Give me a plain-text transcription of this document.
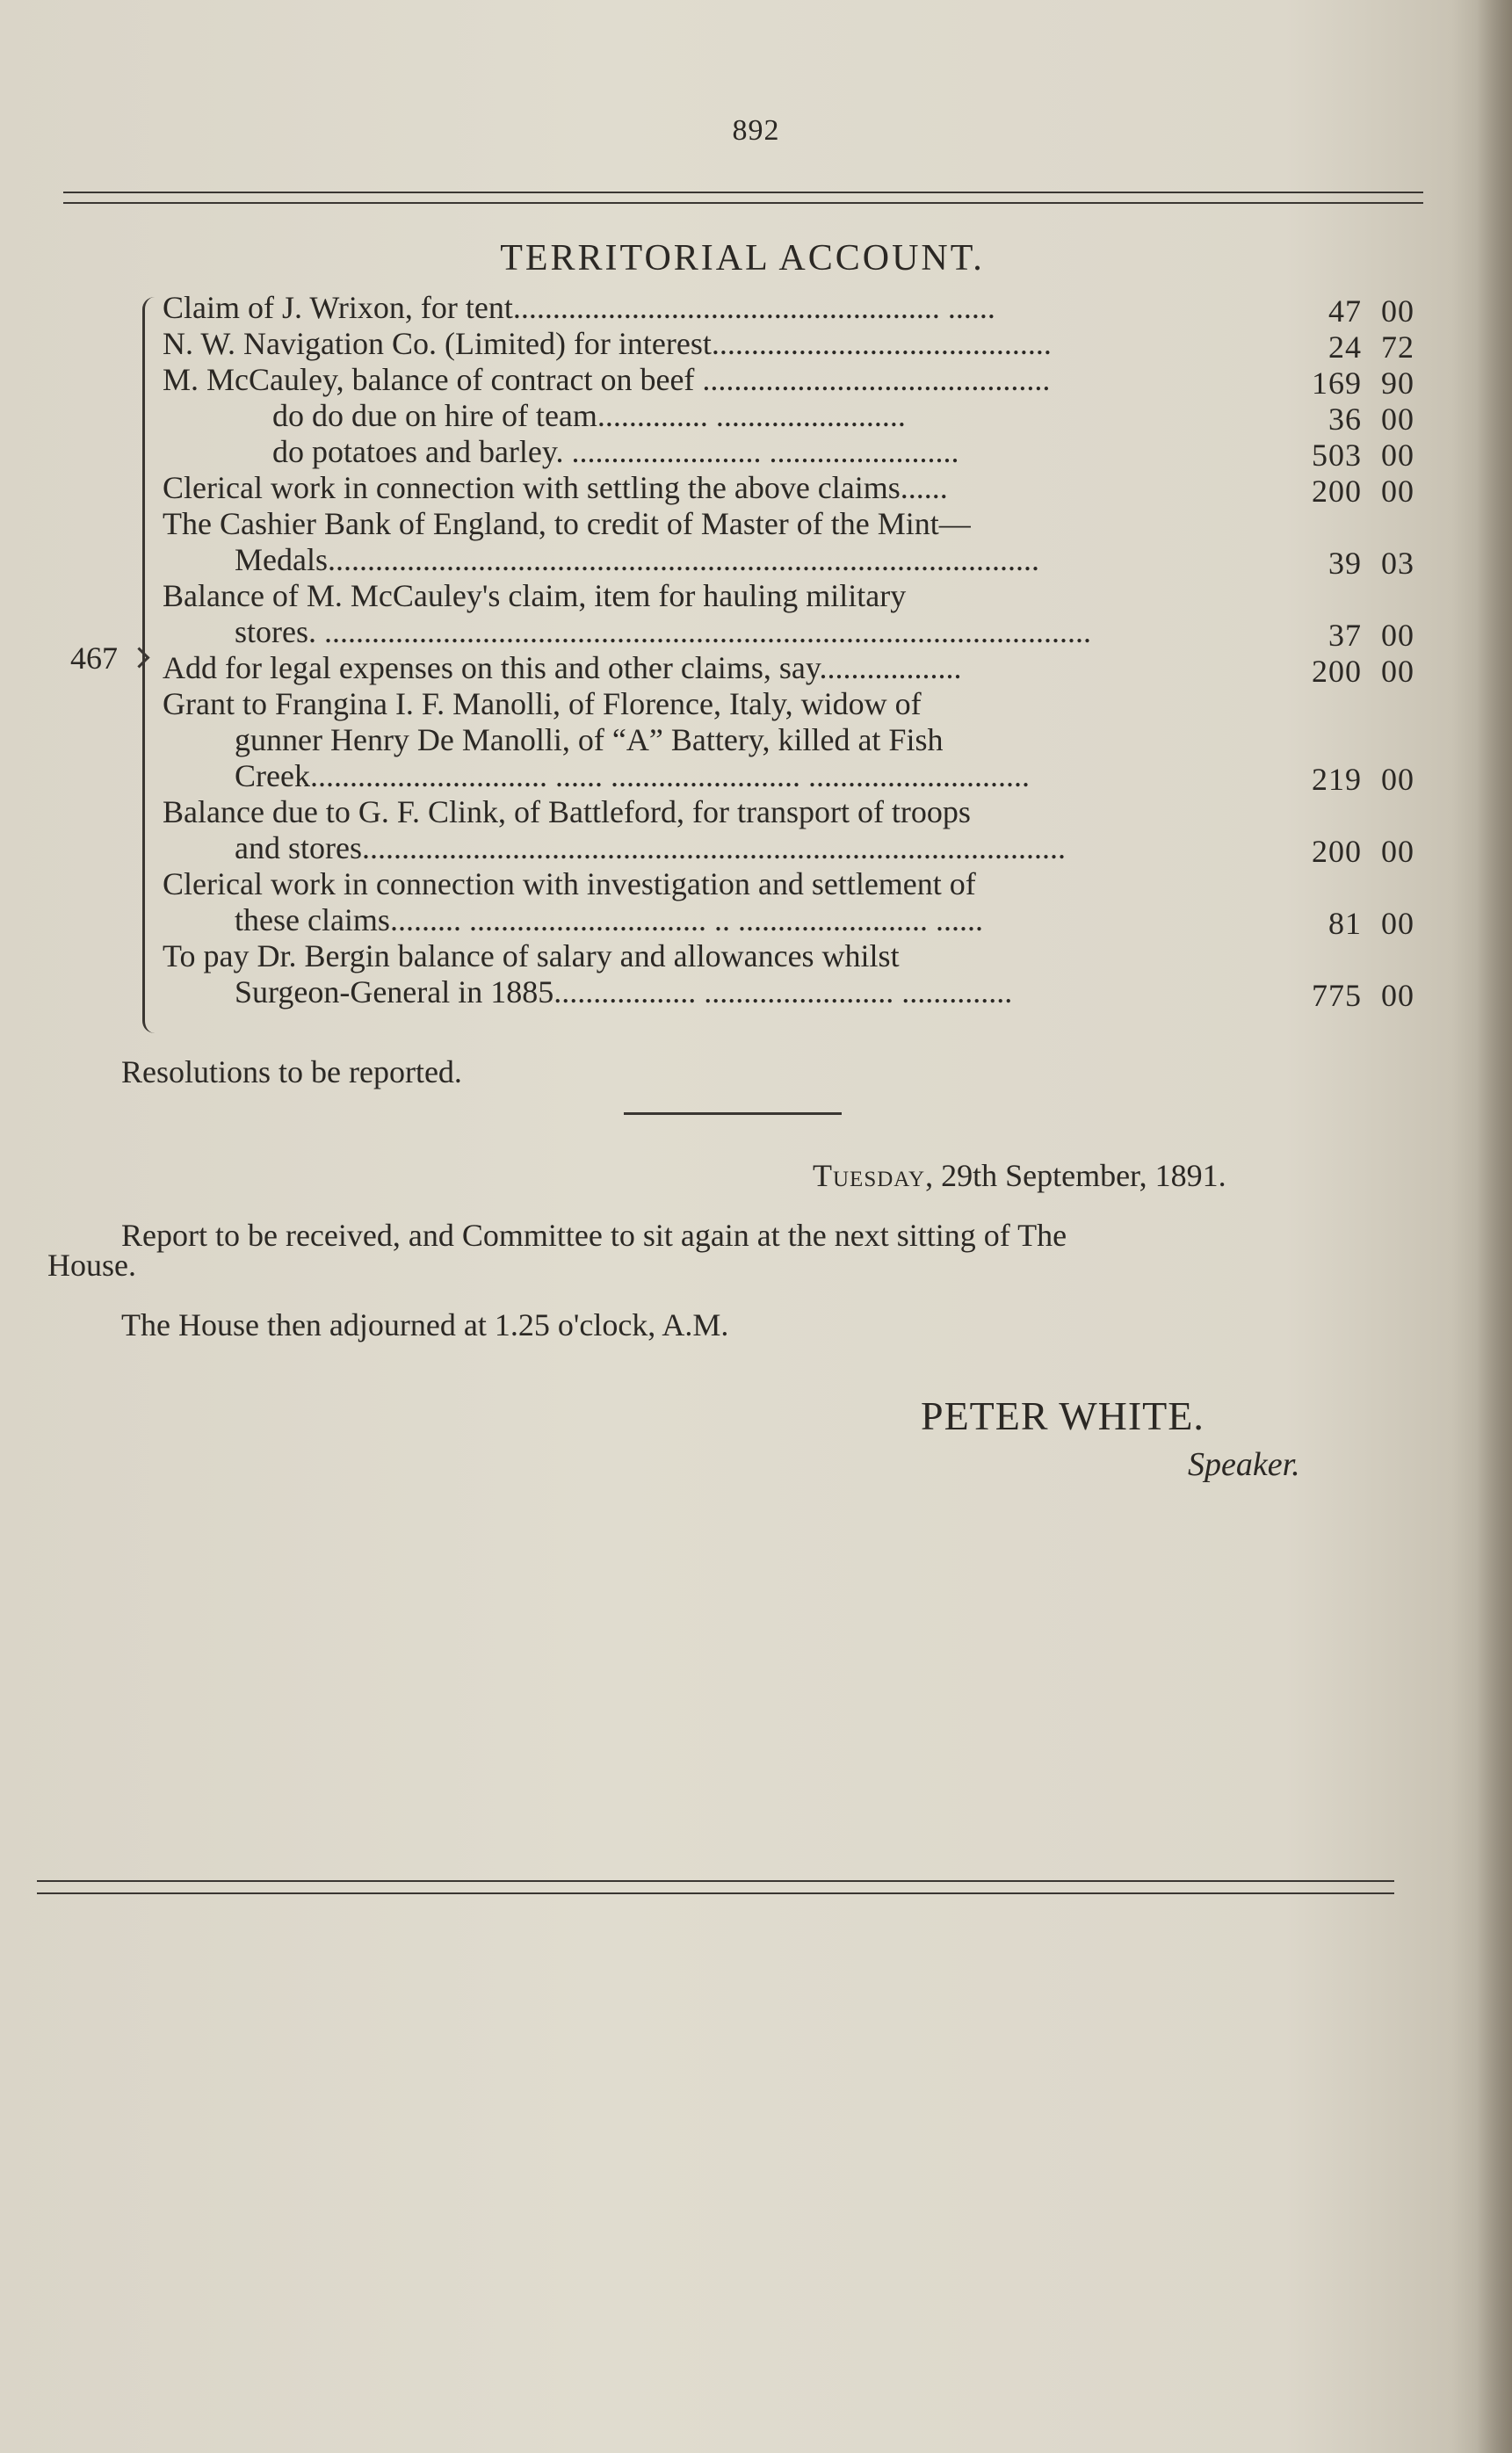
892
TERRITORIAL ACCOUNT.
467
Claim of J. Wrixon, for tent...................................................... ......	47 00
N. W. Navigation Co. (Limited) for interest...........................................	24 72
M. McCauley, balance of contract on beef ............................................	169 90
do do due on hire of team.............. ........................	36 00
do potatoes and barley. ........................ ........................	503 00
Clerical work in connection with settling the above claims......	200 00
The Cashier Bank of England, to credit of Master of the Mint—
Medals..........................................................................................	39 03
Balance of M. McCauley's claim, item for hauling military
stores. .................................................................................................	37 00
Add for legal expenses on this and other claims, say..................	200 00
Grant to Frangina I. F. Manolli, of Florence, Italy, widow of
gunner Henry De Manolli, of “A” Battery, killed at Fish
Creek.............................. ...... ........................ ............................	219 00
Balance due to G. F. Clink, of Battleford, for transport of troops
and stores.........................................................................................	200 00
Clerical work in connection with investigation and settlement of
these claims......... .............................. .. ........................ ......	81 00
To pay Dr. Bergin balance of salary and allowances whilst
Surgeon-General in 1885.................. ........................ ..............	775 00
Resolutions to be reported.
Tuesday, 29th September, 1891.
Report to be received, and Committee to sit again at the next sitting of The
House.
The House then adjourned at 1.25 o'clock, A.M.
PETER WHITE.
Speaker.
